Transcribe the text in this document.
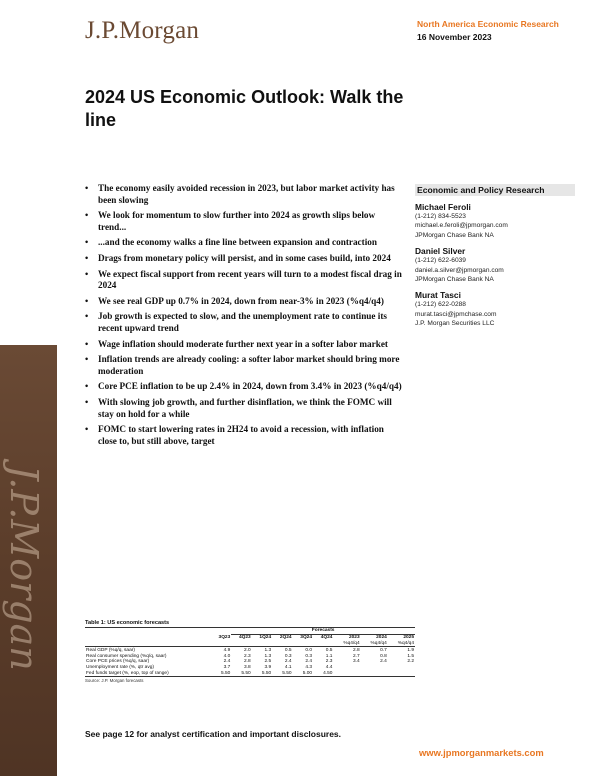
J.P.Morgan
J.P.Morgan	North America Economic Research
16 November 2023
2024 US Economic Outlook: Walk the line
• The economy easily avoided recession in 2023, but labor market activity has been slowing
• We look for momentum to slow further into 2024 as growth slips below trend...
• ...and the economy walks a fine line between expansion and contraction
• Drags from monetary policy will persist, and in some cases build, into 2024
• We expect fiscal support from recent years will turn to a modest fiscal drag in 2024
• We see real GDP up 0.7% in 2024, down from near-3% in 2023 (%q4/q4)
• Job growth is expected to slow, and the unemployment rate to continue its recent upward trend
• Wage inflation should moderate further next year in a softer labor market
• Inflation trends are already cooling: a softer labor market should bring more moderation
• Core PCE inflation to be up 2.4% in 2024, down from 3.4% in 2023 (%q4/q4)
• With slowing job growth, and further disinflation, we think the FOMC will stay on hold for a while
• FOMC to start lowering rates in 2H24 to avoid a recession, with inflation close to, but still above, target
Economic and Policy Research
Michael Feroli
(1-212) 834-5523
michael.e.feroli@jpmorgan.com
JPMorgan Chase Bank NA
Daniel Silver
(1-212) 622-6039
daniel.a.silver@jpmorgan.com
JPMorgan Chase Bank NA
Murat Tasci
(1-212) 622-0288
murat.tasci@jpmchase.com
J.P. Morgan Securities LLC
Table 1: US economic forecasts
		Forecasts							
	3Q23	4Q23	1Q24	2Q24	3Q24	4Q24	2023	2024	2025
							%q4/q4	%q4/q4	%q4/q4
Real GDP (%q/q, saar)	4.9	2.0	1.3	0.5	0.0	0.5	2.8	0.7	1.9
Real consumer spending (%q/q, saar)	4.0	2.3	1.3	0.3	0.3	1.1	2.7	0.8	1.5
Core PCE prices (%q/q, saar)	2.4	2.8	2.5	2.4	2.4	2.3	3.4	2.4	2.2
Unemployment rate (%, qtr avg)	3.7	3.8	3.9	4.1	4.3	4.4			
Fed funds target (%, eop, top of range)	5.50	5.50	5.50	5.50	5.00	4.50			
Source: J.P. Morgan forecasts
See page 12 for analyst certification and important disclosures.
www.jpmorganmarkets.com
